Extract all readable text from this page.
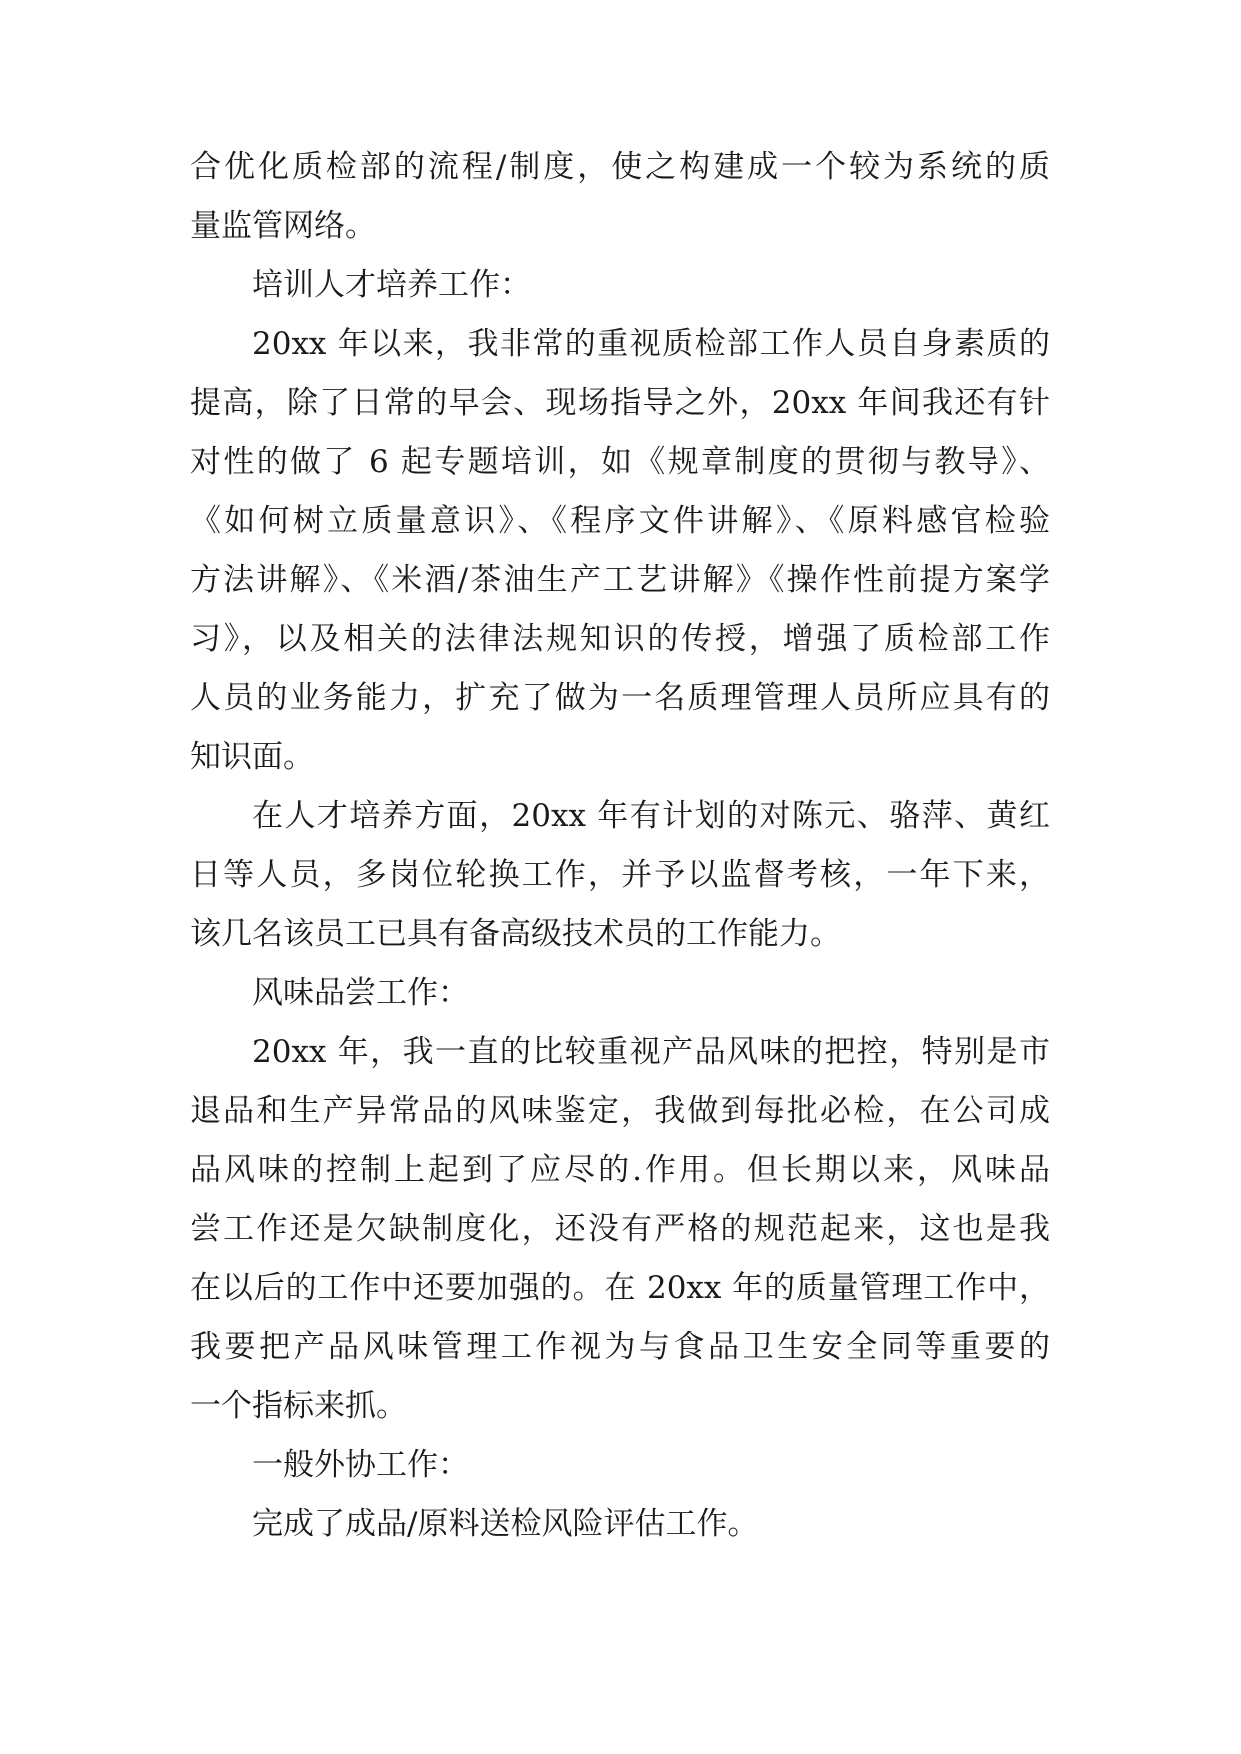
合优化质检部的流程/制度，使之构建成一个较为系统的质
量监管网络。
培训人才培养工作：
20xx 年以来，我非常的重视质检部工作人员自身素质的
提高，除了日常的早会、现场指导之外，20xx 年间我还有针
对性的做了 6 起专题培训，如《规章制度的贯彻与教导》、
《如何树立质量意识》、《程序文件讲解》、《原料感官检验
方法讲解》、《米酒/茶油生产工艺讲解》《操作性前提方案学
习》，以及相关的法律法规知识的传授，增强了质检部工作
人员的业务能力，扩充了做为一名质理管理人员所应具有的
知识面。
在人才培养方面，20xx 年有计划的对陈元、骆萍、黄红
日等人员，多岗位轮换工作，并予以监督考核，一年下来，
该几名该员工已具有备高级技术员的工作能力。
风味品尝工作：
20xx 年，我一直的比较重视产品风味的把控，特别是市
退品和生产异常品的风味鉴定，我做到每批必检，在公司成
品风味的控制上起到了应尽的.作用。但长期以来，风味品
尝工作还是欠缺制度化，还没有严格的规范起来，这也是我
在以后的工作中还要加强的。在 20xx 年的质量管理工作中，
我要把产品风味管理工作视为与食品卫生安全同等重要的
一个指标来抓。
一般外协工作：
完成了成品/原料送检风险评估工作。
